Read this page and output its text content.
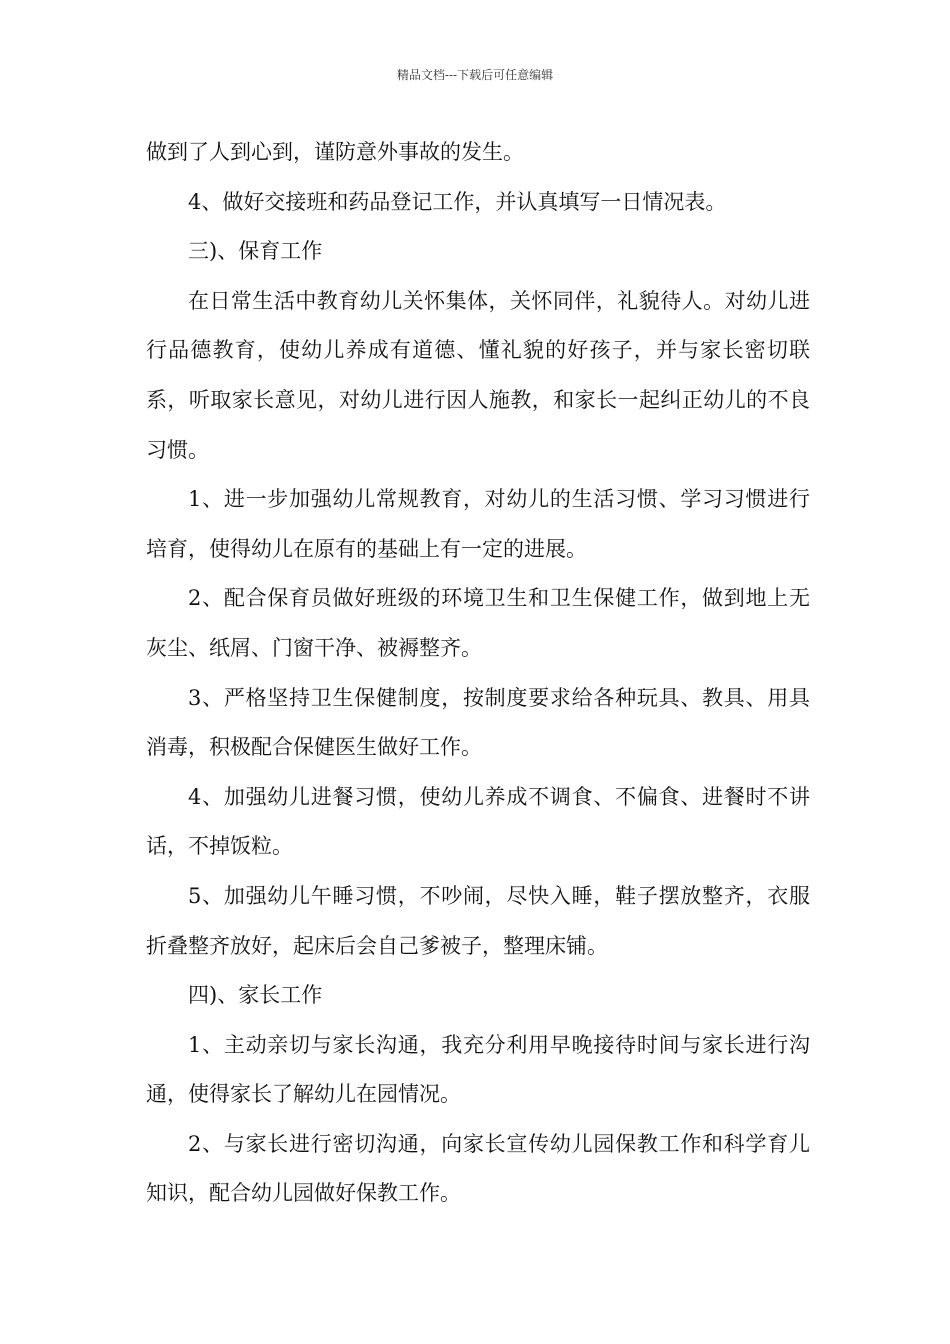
精品文档---下载后可任意编辑

做到了人到心到，谨防意外事故的发生。

4、做好交接班和药品登记工作，并认真填写一日情况表。

三)、保育工作

在日常生活中教育幼儿关怀集体，关怀同伴，礼貌待人。对幼儿进行品德教育，使幼儿养成有道德、懂礼貌的好孩子，并与家长密切联系，听取家长意见，对幼儿进行因人施教，和家长一起纠正幼儿的不良习惯。

1、进一步加强幼儿常规教育，对幼儿的生活习惯、学习习惯进行培育，使得幼儿在原有的基础上有一定的进展。

2、配合保育员做好班级的环境卫生和卫生保健工作，做到地上无灰尘、纸屑、门窗干净、被褥整齐。

3、严格坚持卫生保健制度，按制度要求给各种玩具、教具、用具消毒，积极配合保健医生做好工作。

4、加强幼儿进餐习惯，使幼儿养成不调食、不偏食、进餐时不讲话，不掉饭粒。

5、加强幼儿午睡习惯，不吵闹，尽快入睡，鞋子摆放整齐，衣服折叠整齐放好，起床后会自己爹被子，整理床铺。

四)、家长工作

1、主动亲切与家长沟通，我充分利用早晚接待时间与家长进行沟通，使得家长了解幼儿在园情况。

2、与家长进行密切沟通，向家长宣传幼儿园保教工作和科学育儿知识，配合幼儿园做好保教工作。
